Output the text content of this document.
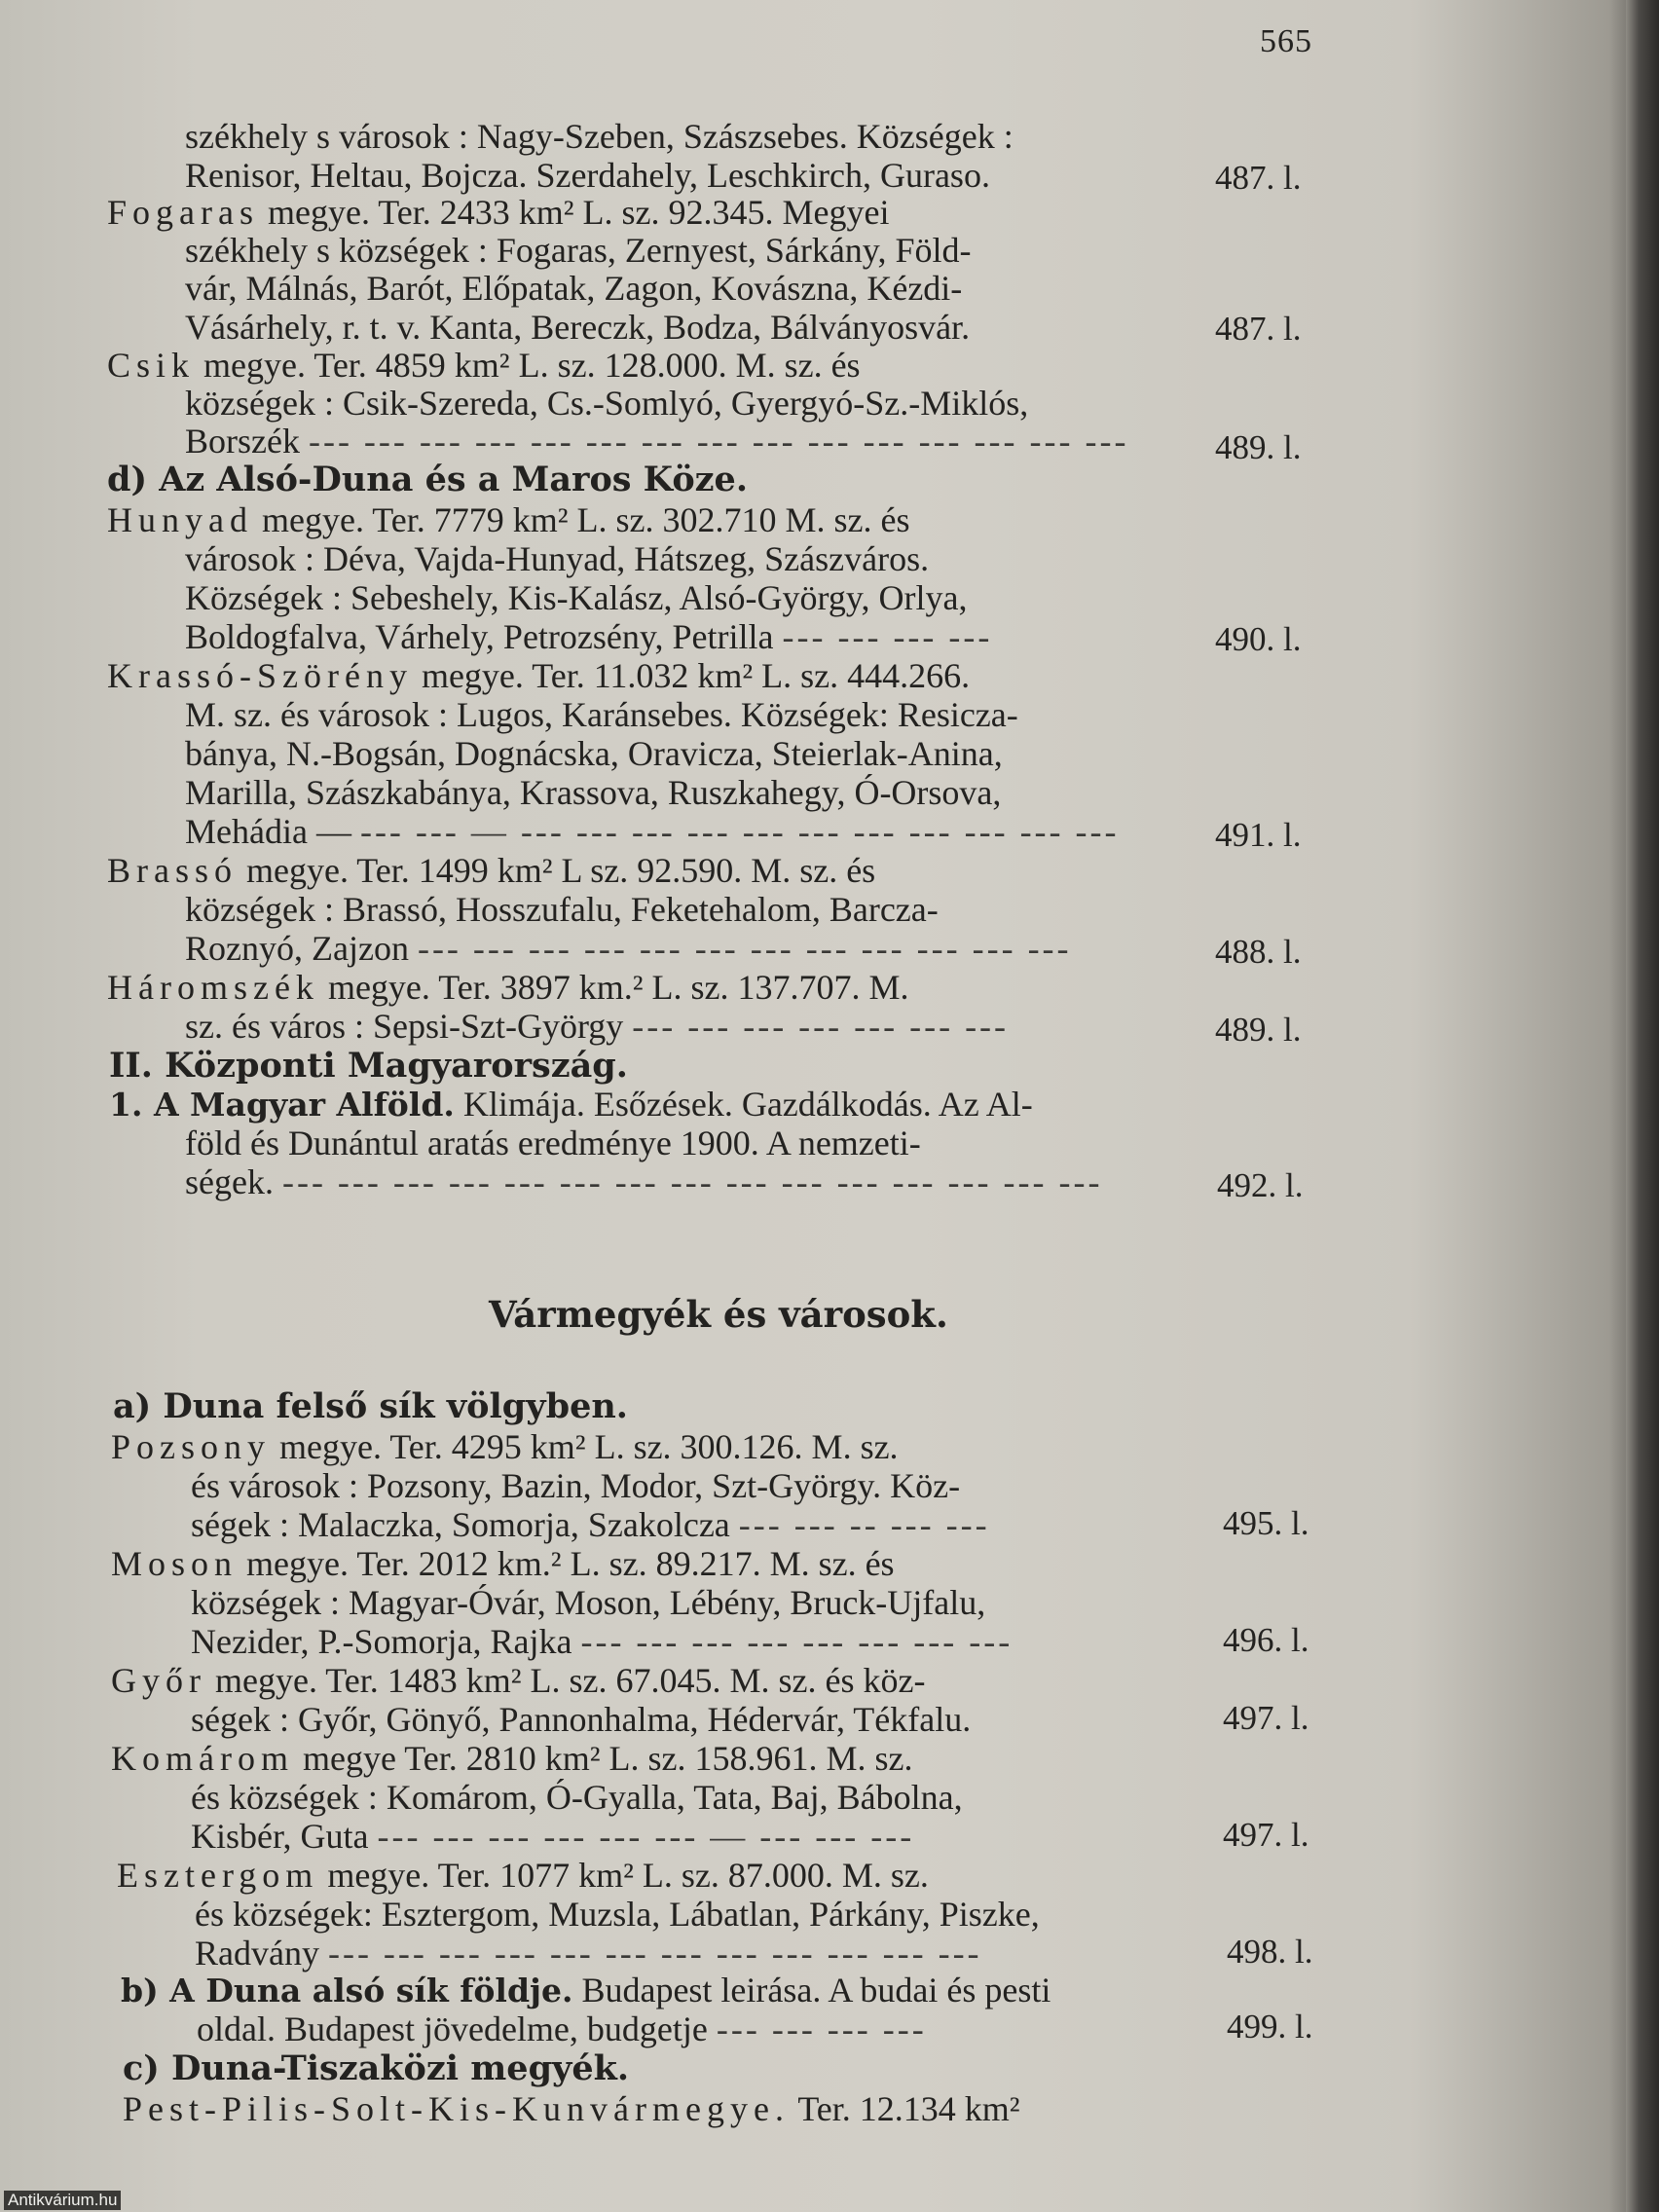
565
székhely s városok : Nagy-Szeben, Szászsebes. Községek :
Renisor, Heltau, Bojcza. Szerdahely, Leschkirch, Guraso.	487. l.
Fogaras megye. Ter. 2433 km² L. sz. 92.345. Megyei
székhely s községek : Fogaras, Zernyest, Sárkány, Föld-
vár, Málnás, Barót, Előpatak, Zagon, Kovászna, Kézdi-
Vásárhely, r. t. v. Kanta, Bereczk, Bodza, Bálványosvár.	487. l.
Csik megye. Ter. 4859 km² L. sz. 128.000. M. sz. és
községek : Csik-Szereda, Cs.-Somlyó, Gyergyó-Sz.-Miklós,
Borszék --- --- --- --- --- --- --- --- --- --- --- --- --- --- ---	489. l.
d) Az Alsó-Duna és a Maros Köze.
Hunyad megye. Ter. 7779 km² L. sz. 302.710 M. sz. és
városok : Déva, Vajda-Hunyad, Hátszeg, Szászváros.
Községek : Sebeshely, Kis-Kalász, Alsó-György, Orlya,
Boldogfalva, Várhely, Petrozsény, Petrilla --- --- --- ---	490. l.
Krassó-Szörény megye. Ter. 11.032 km² L. sz. 444.266.
M. sz. és városok : Lugos, Karánsebes. Községek: Resicza-
bánya, N.-Bogsán, Dognácska, Oravicza, Steierlak-Anina,
Marilla, Szászkabánya, Krassova, Ruszkahegy, Ó-Orsova,
Mehádia — --- --- — --- --- --- --- --- --- --- --- --- --- ---	491. l.
Brassó megye. Ter. 1499 km² L sz. 92.590. M. sz. és
községek : Brassó, Hosszufalu, Feketehalom, Barcza-
Roznyó, Zajzon --- --- --- --- --- --- --- --- --- --- --- ---	488. l.
Háromszék megye. Ter. 3897 km.² L. sz. 137.707. M.
sz. és város : Sepsi-Szt-György --- --- --- --- --- --- ---	489. l.
II. Központi Magyarország.
1. A Magyar Alföld. Klimája. Esőzések. Gazdálkodás. Az Al-
föld és Dunántul aratás eredménye 1900. A nemzeti-
ségek. --- --- --- --- --- --- --- --- --- --- --- --- --- --- ---	492. l.
Vármegyék és városok.
a) Duna felső sík völgyben.
Pozsony megye. Ter. 4295 km² L. sz. 300.126. M. sz.
és városok : Pozsony, Bazin, Modor, Szt-György. Köz-
ségek : Malaczka, Somorja, Szakolcza --- --- -- --- ---	495. l.
Moson megye. Ter. 2012 km.² L. sz. 89.217. M. sz. és
községek : Magyar-Óvár, Moson, Lébény, Bruck-Ujfalu,
Nezider, P.-Somorja, Rajka --- --- --- --- --- --- --- ---	496. l.
Győr megye. Ter. 1483 km² L. sz. 67.045. M. sz. és köz-
ségek : Győr, Gönyő, Pannonhalma, Hédervár, Tékfalu.	497. l.
Komárom megye Ter. 2810 km² L. sz. 158.961. M. sz.
és községek : Komárom, Ó-Gyalla, Tata, Baj, Bábolna,
Kisbér, Guta --- --- --- --- --- --- — --- --- ---	497. l.
Esztergom megye. Ter. 1077 km² L. sz. 87.000. M. sz.
és községek: Esztergom, Muzsla, Lábatlan, Párkány, Piszke,
Radvány --- --- --- --- --- --- --- --- --- --- --- ---	498. l.
b) A Duna alsó sík földje. Budapest leirása. A budai és pesti
oldal. Budapest jövedelme, budgetje --- --- --- ---	499. l.
c) Duna-Tiszaközi megyék.
Pest-Pilis-Solt-Kis-Kunvármegye. Ter. 12.134 km²
Antikvárium.hu
